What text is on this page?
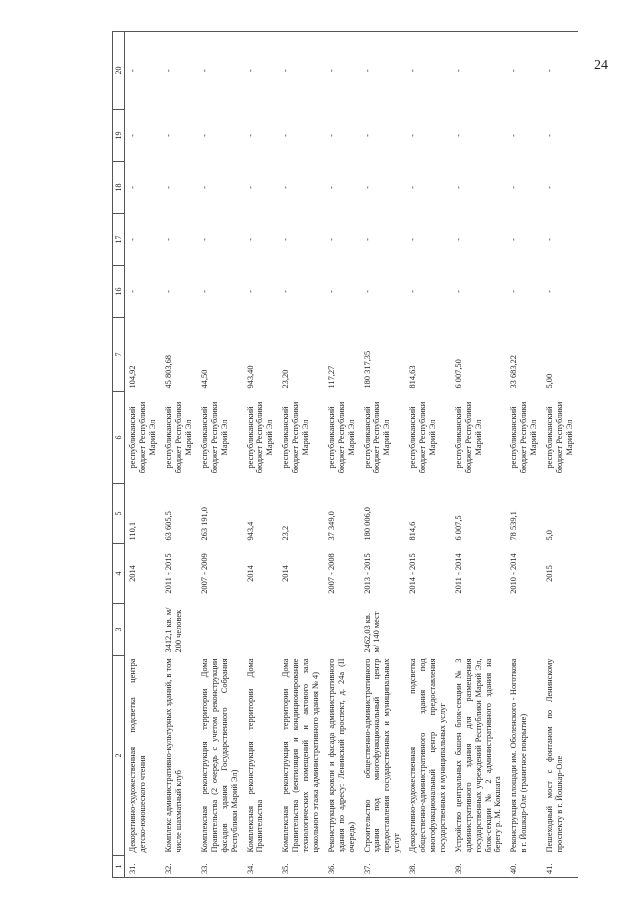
24
1	2	3	4	5	6	7	16	17	18	19	20
31.	Декоративно-художественная подсветка центра детско-юношеского чтения		2014	110,1	республиканский бюджет Республики Марий Эл	104,92	-	-	-	-	-
32.	Комплекс административно-культурных зданий, в том числе шахматный клуб	3412,1 кв. м/ 200 человек	2011 - 2015	63 605,5	республиканский бюджет Республики Марий Эл	45 803,68	-	-	-	-	-
33.	Комплексная реконструкция территории Дома Правительства (2 очередь с учетом реконструкции фасадов здания Государственного Собрания Республики Марий Эл)		2007 - 2009	263 191,0	республиканский бюджет Республики Марий Эл	44,50	-	-	-	-	-
34.	Комплексная реконструкция территории Дома Правительства		2014	943,4	республиканский бюджет Республики Марий Эл	943,40	-	-	-	-	-
35.	Комплексная реконструкция территории Дома Правительства (вентиляция и кондиционирование технологических помещений и актового зала цокольного этажа административного здания № 4)		2014	23,2	республиканский бюджет Республики Марий Эл	23,20	-	-	-	-	-
36.	Реконструкция кровли и фасада административного здания по адресу: Ленинский проспект, д. 24а (II очередь)		2007 - 2008	37 349,0	республиканский бюджет Республики Марий Эл	117,27	-	-	-	-	-
37.	Строительство общественно-административного здания под многофункциональный центр предоставления государственных и муниципальных услуг	2462,03 кв. м/ 140 мест	2013 - 2015	180 006,0	республиканский бюджет Республики Марий Эл	180 317,35	-	-	-	-	-
38.	Декоративно-художественная подсветка общественно-административного здания под многофункциональный центр предоставления государственных и муниципальных услуг		2014 - 2015	814,6	республиканский бюджет Республики Марий Эл	814,63	-	-	-	-	-
39.	Устройство центральных башен блок-секции № 3 административного здания для размещения государственных учреждений Республики Марий Эл, блок-секции № 2 административного здания на берегу р. М. Кокшага		2011 - 2014	6 007,5	республиканский бюджет Республики Марий Эл	6 007,50	-	-	-	-	-
40.	Реконструкция площади им. Оболенского - Ноготкова в г. Йошкар-Оле (гранитное покрытие)		2010 - 2014	78 539,1	республиканский бюджет Республики Марий Эл	33 683,22	-	-	-	-	-
41.	Пешеходный мост с фонтаном по Ленинскому проспекту в г. Йошкар-Оле		2015	5,0	республиканский бюджет Республики Марий Эл	5,00	-	-	-	-	-
